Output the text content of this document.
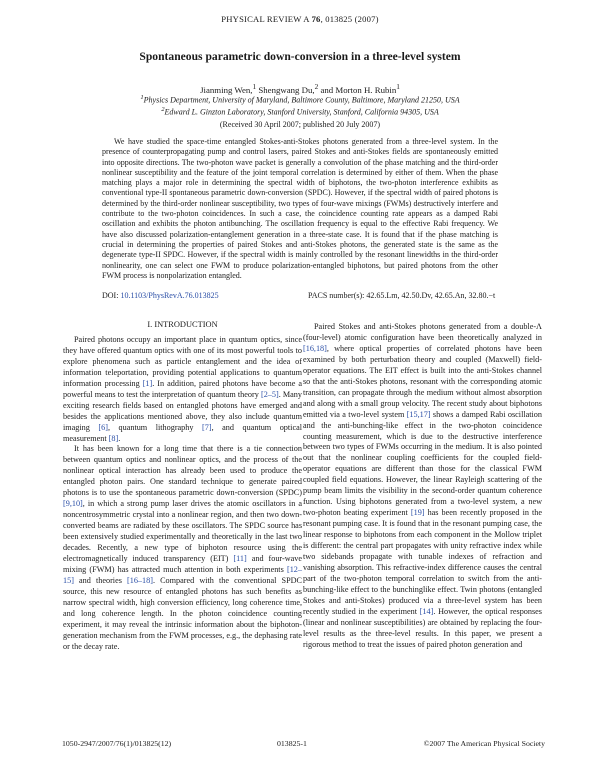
PHYSICAL REVIEW A 76, 013825 (2007)
Spontaneous parametric down-conversion in a three-level system
Jianming Wen,$^1$ Shengwang Du,$^2$ and Morton H. Rubin$^1$
$^1$Physics Department, University of Maryland, Baltimore County, Baltimore, Maryland 21250, USA
$^2$Edward L. Ginzton Laboratory, Stanford University, Stanford, California 94305, USA
(Received 30 April 2007; published 20 July 2007)

We have studied the space-time entangled Stokes-anti-Stokes photons generated from a three-level system. In the presence of counterpropagating pump and control lasers, paired Stokes and anti-Stokes fields are spontaneously emitted into opposite directions. The two-photon wave packet is generally a convolution of the phase matching and the third-order nonlinear susceptibility and the feature of the joint temporal correlation is determined by either of them. When the phase matching plays a major role in determining the spectral width of biphotons, the two-photon interference exhibits as conventional type-II spontaneous parametric down-conversion (SPDC). However, if the spectral width of paired photons is determined by the third-order nonlinear susceptibility, two types of four-wave mixings (FWMs) destructively interfere and contribute to the two-photon coincidences. In such a case, the coincidence counting rate appears as a damped Rabi oscillation and exhibits the photon antibunching. The oscillation frequency is equal to the effective Rabi frequency. We have also discussed polarization-entanglement generation in a three-state case. It is found that if the phase matching is crucial in determining the properties of paired Stokes and anti-Stokes photons, the generated state is the same as the degenerate type-II SPDC. However, if the spectral width is mainly controlled by the resonant linewidths in the third-order nonlinearity, one can select one FWM to produce polarization-entangled biphotons, but paired photons from the other FWM process is nonpolarization entangled.

DOI: 10.1103/PhysRevA.76.013825	PACS number(s): 42.65.Lm, 42.50.Dv, 42.65.An, 32.80.−t
I. INTRODUCTION

Paired photons occupy an important place in quantum optics, since they have offered quantum optics with one of its most powerful tools to explore phenomena such as particle entanglement and the idea of information teleportation, providing potential applications to quantum information processing [1]. In addition, paired photons have become a powerful means to test the interpretation of quantum theory [2–5]. Many exciting research fields based on entangled photons have emerged and besides the applications mentioned above, they also include quantum imaging [6], quantum lithography [7], and quantum optical measurement [8].

It has been known for a long time that there is a tie connection between quantum optics and nonlinear optics, and the process of the nonlinear optical interaction has already been used to produce the entangled photon pairs. One standard technique to generate paired photons is to use the spontaneous parametric down-conversion (SPDC) [9,10], in which a strong pump laser drives the atomic oscillators in a noncentrosymmetric crystal into a nonlinear region, and then two down-converted beams are radiated by these oscillators. The SPDC source has been extensively studied experimentally and theoretically in the last two decades. Recently, a new type of biphoton resource using the electromagnetically induced transparency (EIT) [11] and four-wave mixing (FWM) has attracted much attention in both experiments [12–15] and theories [16–18]. Compared with the conventional SPDC source, this new resource of entangled photons has such benefits as narrow spectral width, high conversion efficiency, long coherence time, and long coherence length. In the photon coincidence counting experiment, it may reveal the intrinsic information about the biphoton-generation mechanism from the FWM processes, e.g., the dephasing rate or the decay rate.

Paired Stokes and anti-Stokes photons generated from a double-Λ (four-level) atomic configuration have been theoretically analyzed in [16,18], where optical properties of correlated photons have been examined by both perturbation theory and coupled (Maxwell) field-operator equations. The EIT effect is built into the anti-Stokes channel so that the anti-Stokes photons, resonant with the corresponding atomic transition, can propagate through the medium without almost absorption and along with a small group velocity. The recent study about biphotons emitted via a two-level system [15,17] shows a damped Rabi oscillation and the anti-bunching-like effect in the two-photon coincidence counting measurement, which is due to the destructive interference between two types of FWMs occurring in the medium. It is also pointed out that the nonlinear coupling coefficients for the coupled field-operator equations are different than those for the classical FWM coupled field equations. However, the linear Rayleigh scattering of the pump beam limits the visibility in the second-order quantum coherence function. Using biphotons generated from a two-level system, a new two-photon beating experiment [19] has been recently proposed in the resonant pumping case. It is found that in the resonant pumping case, the linear response to biphotons from each component in the Mollow triplet is different: the central part propagates with unity refractive index while two sidebands propagate with tunable indexes of refraction and vanishing absorption. This refractive-index difference causes the central part of the two-photon temporal correlation to switch from the anti-bunching-like effect to the bunchinglike effect. Twin photons (entangled Stokes and anti-Stokes) produced via a three-level system has been recently studied in the experiment [14]. However, the optical responses (linear and nonlinear susceptibilities) are obtained by replacing the four-level results as the three-level results. In this paper, we present a rigorous method to treat the issues of paired photon generation and

1050-2947/2007/76(1)/013825(12)	013825-1	©2007 The American Physical Society
